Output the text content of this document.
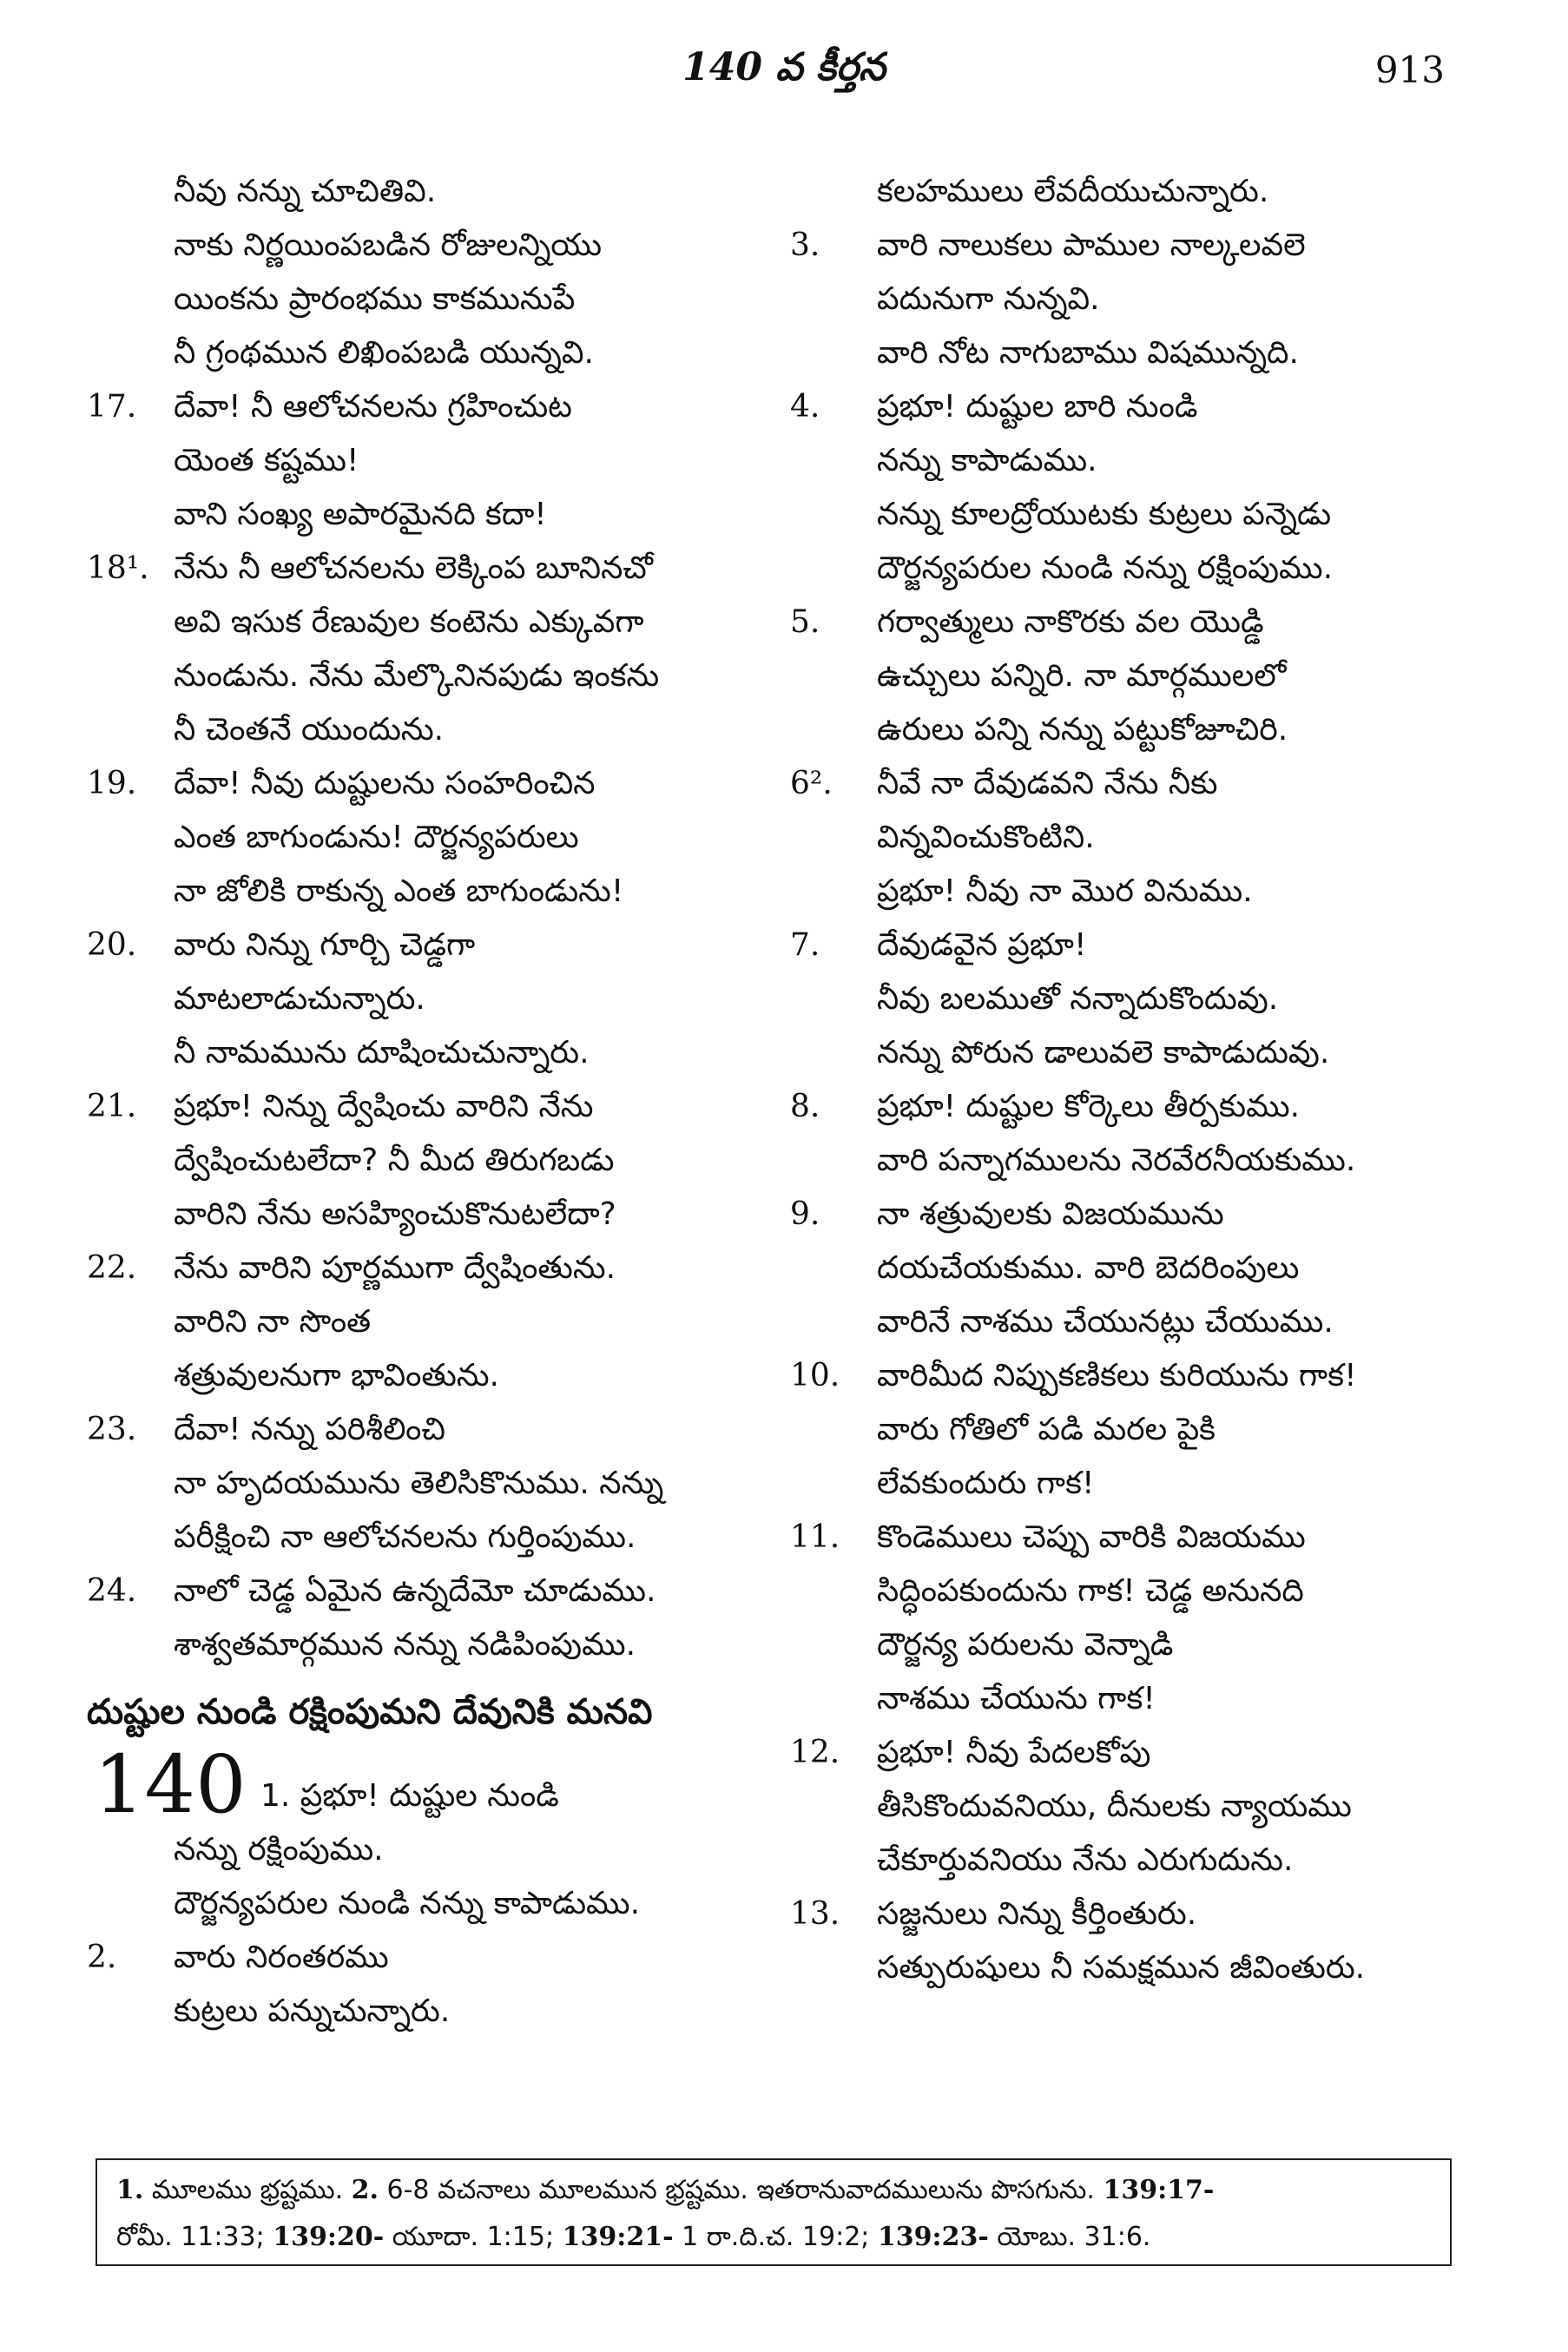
140 వ కీర్తన	913
నీవు నన్ను చూచితివి.
నాకు నిర్ణయింపబడిన రోజులన్నియు
యింకను ప్రారంభము కాకమునుపే
నీ గ్రంథమున లిఖింపబడి యున్నవి.
17. దేవా! నీ ఆలోచనలను గ్రహించుట
యెంత కష్టము!
వాని సంఖ్య అపారమైనది కదా!
18¹. నేను నీ ఆలోచనలను లెక్కింప బూనినచో
అవి ఇసుక రేణువుల కంటెను ఎక్కువగా
నుండును. నేను మేల్కొనినపుడు ఇంకను
నీ చెంతనే యుందును.
19. దేవా! నీవు దుష్టులను సంహరించిన
ఎంత బాగుండును! దౌర్జన్యపరులు
నా జోలికి రాకున్న ఎంత బాగుండును!
20. వారు నిన్ను గూర్చి చెడ్డగా
మాటలాడుచున్నారు.
నీ నామమును దూషించుచున్నారు.
21. ప్రభూ! నిన్ను ద్వేషించు వారిని నేను
ద్వేషించుటలేదా? నీ మీద తిరుగబడు
వారిని నేను అసహ్యించుకొనుటలేదా?
22. నేను వారిని పూర్ణముగా ద్వేషింతును.
వారిని నా సొంత
శత్రువులనుగా భావింతును.
23. దేవా! నన్ను పరిశీలించి
నా హృదయమును తెలిసికొనుము. నన్ను
పరీక్షించి నా ఆలోచనలను గుర్తింపుము.
24. నాలో చెడ్డ ఏమైన ఉన్నదేమో చూడుము.
శాశ్వతమార్గమున నన్ను నడిపింపుము.
దుష్టుల నుండి రక్షింపుమని దేవునికి మనవి
140 1. ప్రభూ! దుష్టుల నుండి
నన్ను రక్షింపుము.
దౌర్జన్యపరుల నుండి నన్ను కాపాడుము.
2. వారు నిరంతరము
కుట్రలు పన్నుచున్నారు.
కలహములు లేవదీయుచున్నారు.
3. వారి నాలుకలు పాముల నాల్కలవలె
పదునుగా నున్నవి.
వారి నోట నాగుబాము విషమున్నది.
4. ప్రభూ! దుష్టుల బారి నుండి
నన్ను కాపాడుము.
నన్ను కూలద్రోయుటకు కుట్రలు పన్నెడు
దౌర్జన్యపరుల నుండి నన్ను రక్షింపుము.
5. గర్వాత్ములు నాకొరకు వల యొడ్డి
ఉచ్చులు పన్నిరి. నా మార్గములలో
ఉరులు పన్ని నన్ను పట్టుకోజూచిరి.
6². నీవే నా దేవుడవని నేను నీకు
విన్నవించుకొంటిని.
ప్రభూ! నీవు నా మొర వినుము.
7. దేవుడవైన ప్రభూ!
నీవు బలముతో నన్నాదుకొందువు.
నన్ను పోరున డాలువలె కాపాడుదువు.
8. ప్రభూ! దుష్టుల కోర్కెలు తీర్పకుము.
వారి పన్నాగములను నెరవేరనీయకుము.
9. నా శత్రువులకు విజయమును
దయచేయకుము. వారి బెదరింపులు
వారినే నాశము చేయునట్లు చేయుము.
10. వారిమీద నిప్పుకణికలు కురియును గాక!
వారు గోతిలో పడి మరల పైకి
లేవకుందురు గాక!
11. కొండెములు చెప్పు వారికి విజయము
సిద్ధింపకుందును గాక! చెడ్డ అనునది
దౌర్జన్య పరులను వెన్నాడి
నాశము చేయును గాక!
12. ప్రభూ! నీవు పేదలకోపు
తీసికొందువనియు, దీనులకు న్యాయము
చేకూర్తువనియు నేను ఎరుగుదును.
13. సజ్జనులు నిన్ను కీర్తింతురు.
సత్పురుషులు నీ సమక్షమున జీవింతురు.
1. మూలము భ్రష్టము. 2. 6-8 వచనాలు మూలమున భ్రష్టము. ఇతరానువాదములును పొసగును. 139:17-
రోమీ. 11:33; 139:20- యూదా. 1:15; 139:21- 1 రా.ది.చ. 19:2; 139:23- యోబు. 31:6.
